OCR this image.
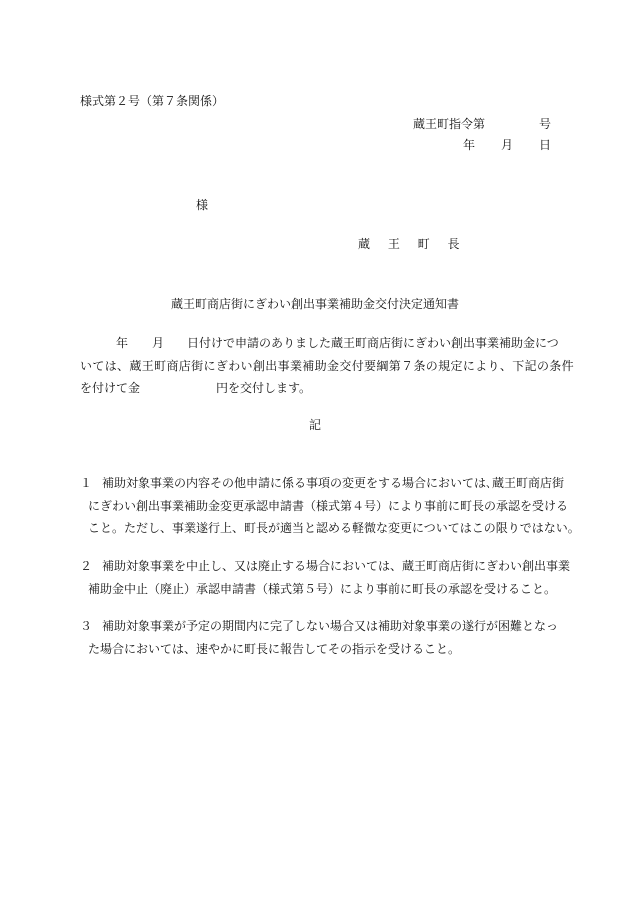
様式第２号（第７条関係）
蔵王町指令第	号
年 月 日
様
蔵 王 町 長
蔵王町商店街にぎわい創出事業補助金交付決定通知書
年 月 日付けで申請のありました蔵王町商店街にぎわい創出事業補助金につ
いては、蔵王町商店街にぎわい創出事業補助金交付要綱第７条の規定により、下記の条件
を付けて金	円を交付します。
記
１ 補助対象事業の内容その他申請に係る事項の変更をする場合においては､蔵王町商店街
にぎわい創出事業補助金変更承認申請書（様式第４号）により事前に町長の承認を受ける
こと。ただし、事業遂行上、町長が適当と認める軽微な変更についてはこの限りではない。
２ 補助対象事業を中止し、又は廃止する場合においては、蔵王町商店街にぎわい創出事業
補助金中止（廃止）承認申請書（様式第５号）により事前に町長の承認を受けること。
３ 補助対象事業が予定の期間内に完了しない場合又は補助対象事業の遂行が困難となっ
た場合においては、速やかに町長に報告してその指示を受けること。
